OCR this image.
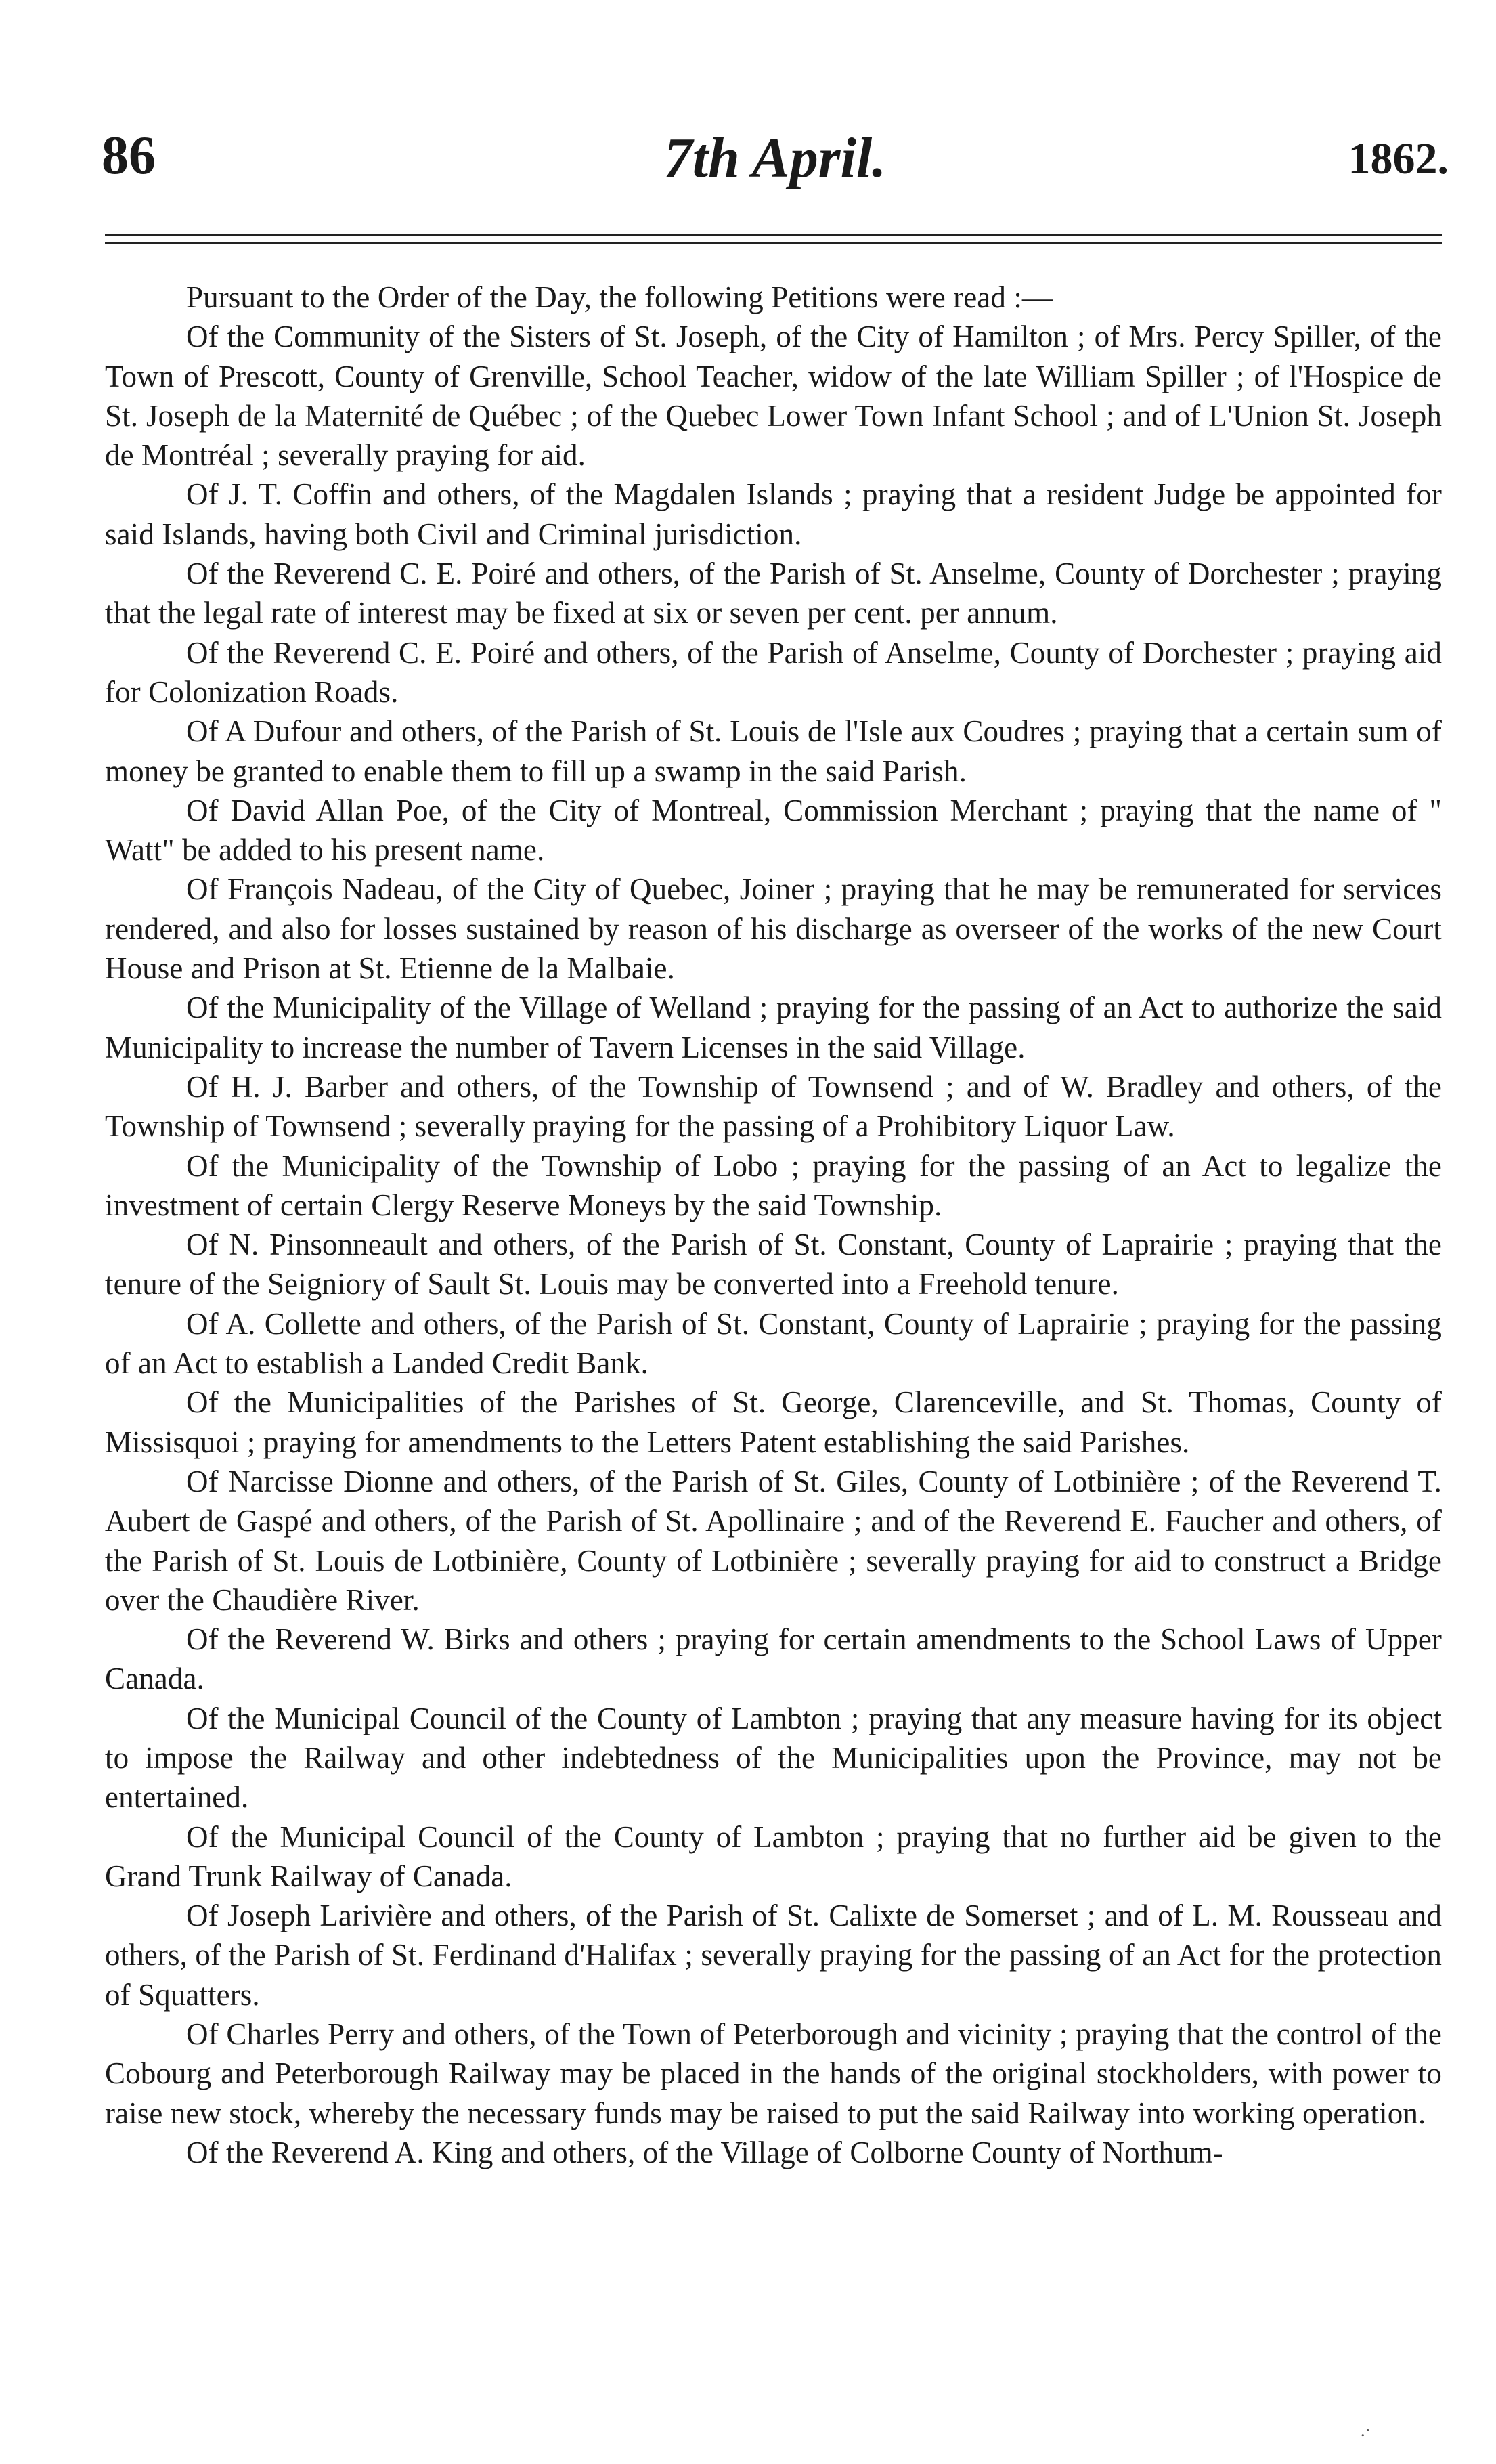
7th April.
86	1862.

Pursuant to the Order of the Day, the following Petitions were read :—

Of the Community of the Sisters of St. Joseph, of the City of Hamilton ; of Mrs. Percy Spiller, of the Town of Prescott, County of Grenville, School Teacher, widow of the late William Spiller ; of l'Hospice de St. Joseph de la Maternité de Québec ; of the Quebec Lower Town Infant School ; and of L'Union St. Joseph de Montréal ; severally praying for aid.

Of J. T. Coffin and others, of the Magdalen Islands ; praying that a resident Judge be appointed for said Islands, having both Civil and Criminal jurisdiction.

Of the Reverend C. E. Poiré and others, of the Parish of St. Anselme, County of Dorchester ; praying that the legal rate of interest may be fixed at six or seven per cent. per annum.

Of the Reverend C. E. Poiré and others, of the Parish of Anselme, County of Dorchester ; praying aid for Colonization Roads.

Of A Dufour and others, of the Parish of St. Louis de l'Isle aux Coudres ; praying that a certain sum of money be granted to enable them to fill up a swamp in the said Parish.

Of David Allan Poe, of the City of Montreal, Commission Merchant ; praying that the name of " Watt" be added to his present name.

Of François Nadeau, of the City of Quebec, Joiner ; praying that he may be remunerated for services rendered, and also for losses sustained by reason of his discharge as overseer of the works of the new Court House and Prison at St. Etienne de la Malbaie.

Of the Municipality of the Village of Welland ; praying for the passing of an Act to authorize the said Municipality to increase the number of Tavern Licenses in the said Village.

Of H. J. Barber and others, of the Township of Townsend ; and of W. Bradley and others, of the Township of Townsend ; severally praying for the passing of a Prohibitory Liquor Law.

Of the Municipality of the Township of Lobo ; praying for the passing of an Act to legalize the investment of certain Clergy Reserve Moneys by the said Township.

Of N. Pinsonneault and others, of the Parish of St. Constant, County of Laprairie ; praying that the tenure of the Seigniory of Sault St. Louis may be converted into a Freehold tenure.

Of A. Collette and others, of the Parish of St. Constant, County of Laprairie ; praying for the passing of an Act to establish a Landed Credit Bank.

Of the Municipalities of the Parishes of St. George, Clarenceville, and St. Thomas, County of Missisquoi ; praying for amendments to the Letters Patent establishing the said Parishes.

Of Narcisse Dionne and others, of the Parish of St. Giles, County of Lotbinière ; of the Reverend T. Aubert de Gaspé and others, of the Parish of St. Apollinaire ; and of the Reverend E. Faucher and others, of the Parish of St. Louis de Lotbinière, County of Lotbinière ; severally praying for aid to construct a Bridge over the Chaudière River.

Of the Reverend W. Birks and others ; praying for certain amendments to the School Laws of Upper Canada.

Of the Municipal Council of the County of Lambton ; praying that any measure having for its object to impose the Railway and other indebtedness of the Municipalities upon the Province, may not be entertained.

Of the Municipal Council of the County of Lambton ; praying that no further aid be given to the Grand Trunk Railway of Canada.

Of Joseph Larivière and others, of the Parish of St. Calixte de Somerset ; and of L. M. Rousseau and others, of the Parish of St. Ferdinand d'Halifax ; severally praying for the passing of an Act for the protection of Squatters.

Of Charles Perry and others, of the Town of Peterborough and vicinity ; praying that the control of the Cobourg and Peterborough Railway may be placed in the hands of the original stockholders, with power to raise new stock, whereby the necessary funds may be raised to put the said Railway into working operation.

Of the Reverend A. King and others, of the Village of Colborne County of Northum-

.·
